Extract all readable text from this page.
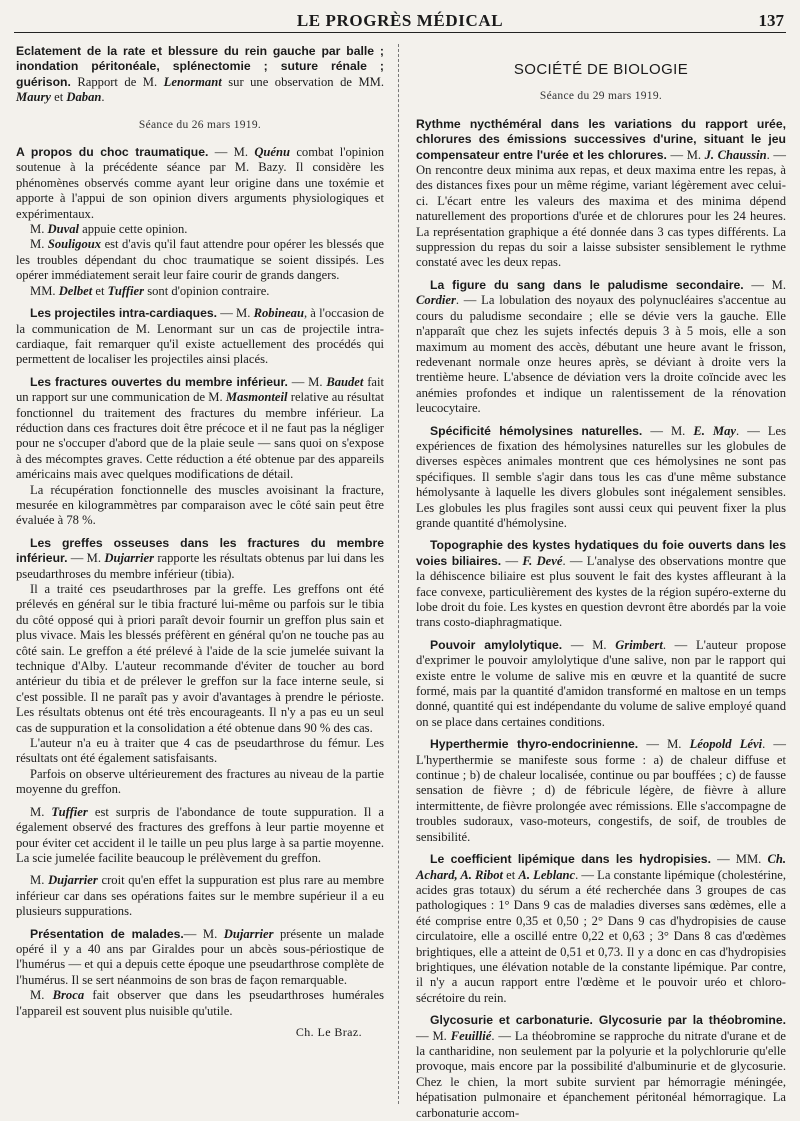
LE PROGRÈS MÉDICAL	137

Eclatement de la rate et blessure du rein gauche par balle ; inondation péritonéale, splénectomie ; suture rénale ; guérison. Rapport de M. Lenormant sur une observation de MM. Maury et Daban.

Séance du 26 mars 1919.

A propos du choc traumatique. — M. Quénu combat l'opinion soutenue à la précédente séance par M. Bazy. Il considère les phénomènes observés comme ayant leur origine dans une toxémie et apporte à l'appui de son opinion divers arguments physiologiques et expérimentaux.

M. Duval appuie cette opinion.

M. Souligoux est d'avis qu'il faut attendre pour opérer les blessés que les troubles dépendant du choc traumatique se soient dissipés. Les opérer immédiatement serait leur faire courir de grands dangers.

MM. Delbet et Tuffier sont d'opinion contraire.

Les projectiles intra-cardiaques. — M. Robineau, à l'occasion de la communication de M. Lenormant sur un cas de projectile intra-cardiaque, fait remarquer qu'il existe actuellement des procédés qui permettent de localiser les projectiles ainsi placés.

Les fractures ouvertes du membre inférieur. — M. Baudet fait un rapport sur une communication de M. Masmonteil relative au résultat fonctionnel du traitement des fractures du membre inférieur. La réduction dans ces fractures doit être précoce et il ne faut pas la négliger pour ne s'occuper d'abord que de la plaie seule — sans quoi on s'expose à des mécomptes graves. Cette réduction a été obtenue par des appareils américains mais avec quelques modifications de détail.

La récupération fonctionnelle des muscles avoisinant la fracture, mesurée en kilogrammètres par comparaison avec le côté sain peut être évaluée à 78 %.

Les greffes osseuses dans les fractures du membre inférieur. — M. Dujarrier rapporte les résultats obtenus par lui dans les pseudarthroses du membre inférieur (tibia).

Il a traité ces pseudarthroses par la greffe. Les greffons ont été prélevés en général sur le tibia fracturé lui-même ou parfois sur le tibia du côté opposé qui à priori paraît devoir fournir un greffon plus sain et plus vivace. Mais les blessés préfèrent en général qu'on ne touche pas au côté sain. Le greffon a été prélevé à l'aide de la scie jumelée suivant la technique d'Alby. L'auteur recommande d'éviter de toucher au bord antérieur du tibia et de prélever le greffon sur la face interne seule, si c'est possible. Il ne paraît pas y avoir d'avantages à prendre le périoste. Les résultats obtenus ont été très encourageants. Il n'y a pas eu un seul cas de suppuration et la consolidation a été obtenue dans 90 % des cas.

L'auteur n'a eu à traiter que 4 cas de pseudarthrose du fémur. Les résultats ont été également satisfaisants.

Parfois on observe ultérieurement des fractures au niveau de la partie moyenne du greffon.

M. Tuffier est surpris de l'abondance de toute suppuration. Il a également observé des fractures des greffons à leur partie moyenne et pour éviter cet accident il le taille un peu plus large à sa partie moyenne. La scie jumelée facilite beaucoup le prélèvement du greffon.

M. Dujarrier croit qu'en effet la suppuration est plus rare au membre inférieur car dans ses opérations faites sur le membre supérieur il a eu plusieurs suppurations.

Présentation de malades.— M. Dujarrier présente un malade opéré il y a 40 ans par Giraldes pour un abcès sous-périostique de l'humérus — et qui a depuis cette époque une pseudarthrose complète de l'humérus. Il se sert néanmoins de son bras de façon remarquable.

M. Broca fait observer que dans les pseudarthroses humérales l'appareil est souvent plus nuisible qu'utile.

Ch. Le Braz.

SOCIÉTÉ DE BIOLOGIE

Séance du 29 mars 1919.

Rythme nycthéméral dans les variations du rapport urée, chlorures des émissions successives d'urine, situant le jeu compensateur entre l'urée et les chlorures. — M. J. Chaussin. — On rencontre deux minima aux repas, et deux maxima entre les repas, à des distances fixes pour un même régime, variant légèrement avec celui-ci. L'écart entre les valeurs des maxima et des minima dépend naturellement des proportions d'urée et de chlorures pour les 24 heures. La représentation graphique a été donnée dans 3 cas types différents. La suppression du repas du soir a laisse subsister sensiblement le rythme constaté avec les deux repas.

La figure du sang dans le paludisme secondaire. — M. Cordier. — La lobulation des noyaux des polynucléaires s'accentue au cours du paludisme secondaire ; elle se dévie vers la gauche. Elle n'apparaît que chez les sujets infectés depuis 3 à 5 mois, elle a son maximum au moment des accès, débutant une heure avant le frisson, redevenant normale onze heures après, se déviant à droite vers la trentième heure. L'absence de déviation vers la droite coïncide avec les anémies profondes et indique un ralentissement de la rénovation leucocytaire.

Spécificité hémolysines naturelles. — M. E. May. — Les expériences de fixation des hémolysines naturelles sur les globules de diverses espèces animales montrent que ces hémolysines ne sont pas spécifiques. Il semble s'agir dans tous les cas d'une même substance hémolysante à laquelle les divers globules sont inégalement sensibles. Les globules les plus fragiles sont aussi ceux qui peuvent fixer la plus grande quantité d'hémolysine.

Topographie des kystes hydatiques du foie ouverts dans les voies biliaires. — F. Devé. — L'analyse des observations montre que la déhiscence biliaire est plus souvent le fait des kystes affleurant à la face convexe, particulièrement des kystes de la région supéro-externe du lobe droit du foie. Les kystes en question devront être abordés par la voie trans costo-diaphragmatique.

Pouvoir amylolytique. — M. Grimbert. — L'auteur propose d'exprimer le pouvoir amylolytique d'une salive, non par le rapport qui existe entre le volume de salive mis en œuvre et la quantité de sucre formé, mais par la quantité d'amidon transformé en maltose en un temps donné, quantité qui est indépendante du volume de salive employé quand on se place dans certaines conditions.

Hyperthermie thyro-endocrinienne. — M. Léopold Lévi. — L'hyperthermie se manifeste sous forme : a) de chaleur diffuse et continue ; b) de chaleur localisée, continue ou par bouffées ; c) de fausse sensation de fièvre ; d) de fébricule légère, de fièvre à allure intermittente, de fièvre prolongée avec rémissions. Elle s'accompagne de troubles sudoraux, vaso-moteurs, congestifs, de soif, de troubles de sensibilité.

Le coefficient lipémique dans les hydropisies. — MM. Ch. Achard, A. Ribot et A. Leblanc. — La constante lipémique (cholestérine, acides gras totaux) du sérum a été recherchée dans 3 groupes de cas pathologiques : 1° Dans 9 cas de maladies diverses sans œdèmes, elle a été comprise entre 0,35 et 0,50 ; 2° Dans 9 cas d'hydropisies de cause circulatoire, elle a oscillé entre 0,22 et 0,63 ; 3° Dans 8 cas d'œdèmes brightiques, elle a atteint de 0,51 et 0,73. Il y a donc en cas d'hydropisies brightiques, une élévation notable de la constante lipémique. Par contre, il n'y a aucun rapport entre l'œdème et le pouvoir uréo et chloro-sécrétoire du rein.

Glycosurie et carbonaturie. Glycosurie par la théobromine. — M. Feuillié. — La théobromine se rapproche du nitrate d'urane et de la cantharidine, non seulement par la polyurie et la polychlorurie qu'elle provoque, mais encore par la possibilité d'albuminurie et de glycosurie. Chez le chien, la mort subite survient par hémorragie méningée, hépatisation pulmonaire et épanchement péritonéal hémorragique. La carbonaturie accom-
